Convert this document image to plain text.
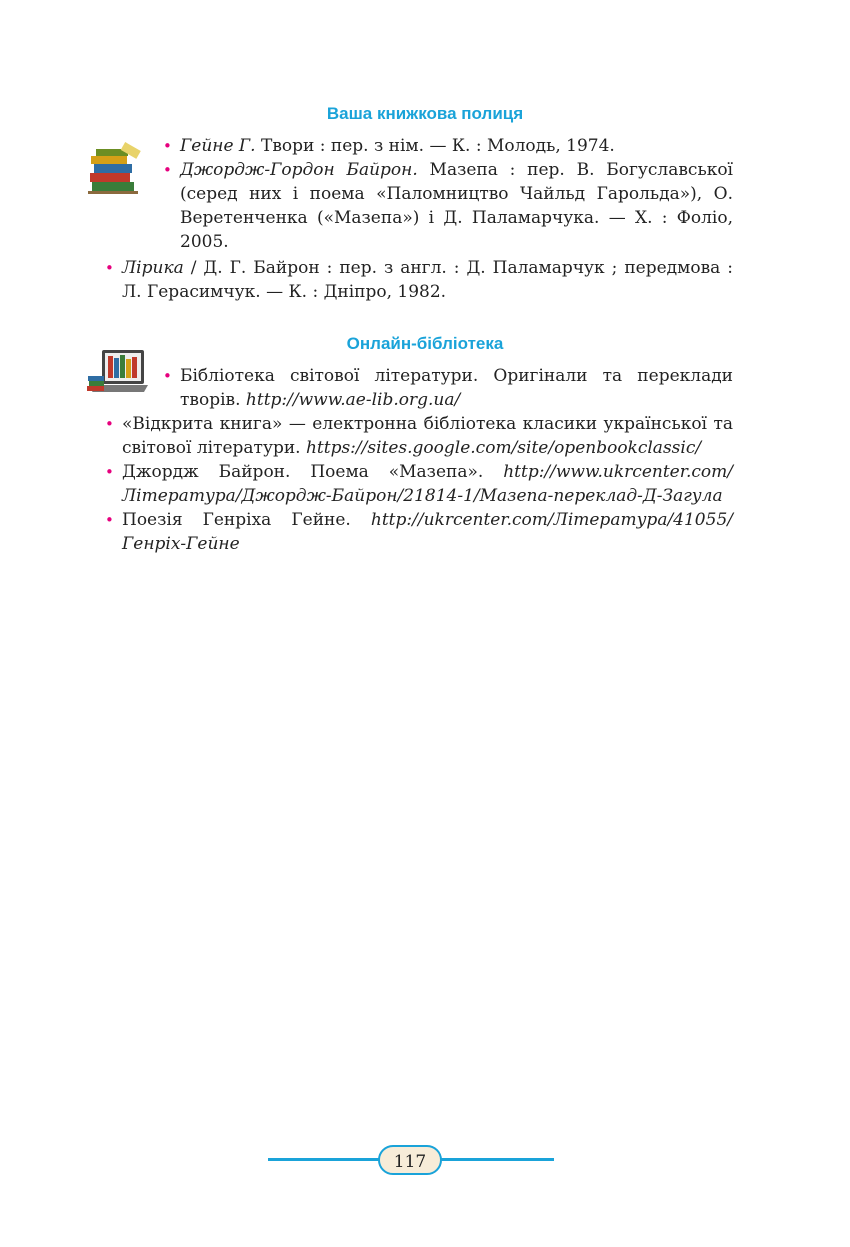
Ваша книжкова полиця
• Гейне Г. Твори : пер. з нім. — К. : Молодь, 1974.
• Джордж-Гордон Байрон. Мазепа : пер. В. Богуславської (серед них і поема «Паломництво Чайльд Гарольда»), О. Веретенченка («Мазепа») і Д. Паламарчука. — Х. : Фоліо, 2005.
• Лірика / Д. Г. Байрон : пер. з англ. : Д. Паламарчук ; передмова : Л. Герасимчук. — К. : Дніпро, 1982.
Онлайн-бібліотека
• Бібліотека світової літератури. Оригінали та переклади творів. http://www.ae-lib.org.ua/
• «Відкрита книга» — електронна бібліотека класики української та світової літератури. https://sites.google.com/site/openbookclassic/
• Джордж Байрон. Поема «Мазепа». http://www.ukrcenter.com/Література/Джордж-Байрон/21814-1/Мазепа-переклад-Д-Загула
• Поезія Генріха Гейне. http://ukrcenter.com/Література/41055/Генріх-Гейне
117
